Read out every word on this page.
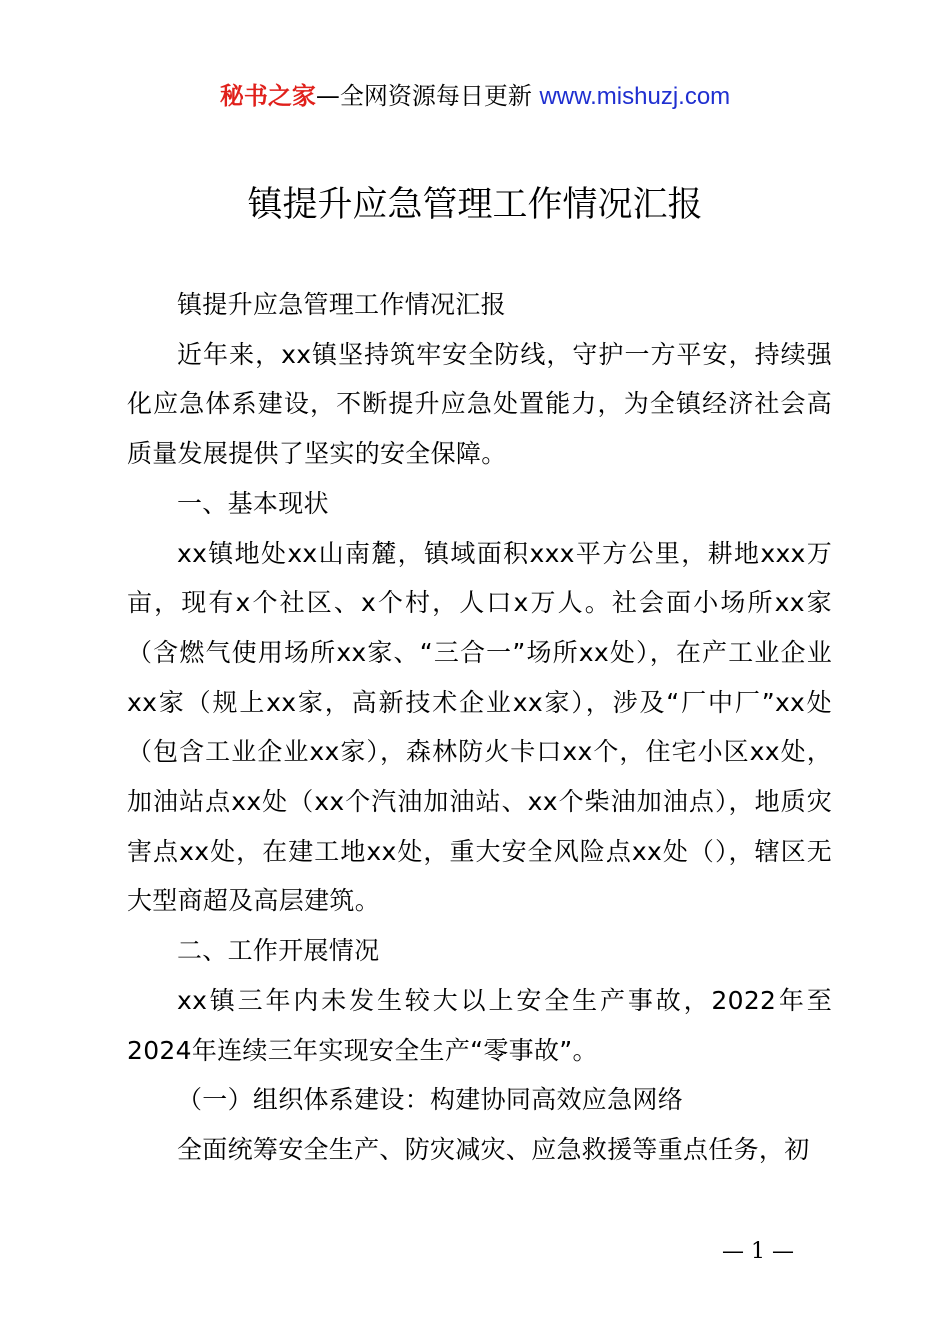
秘书之家—全网资源每日更新 www.mishuzj.com
镇提升应急管理工作情况汇报

镇提升应急管理工作情况汇报

近年来，xx镇坚持筑牢安全防线，守护一方平安，持续强化应急体系建设，不断提升应急处置能力，为全镇经济社会高质量发展提供了坚实的安全保障。

一、基本现状

xx镇地处xx山南麓，镇域面积xxx平方公里，耕地xxx万亩，现有x个社区、x个村，人口x万人。社会面小场所xx家（含燃气使用场所xx家、“三合一”场所xx处），在产工业企业xx家（规上xx家，高新技术企业xx家），涉及“厂中厂”xx处（包含工业企业xx家），森林防火卡口xx个，住宅小区xx处，加油站点xx处（xx个汽油加油站、xx个柴油加油点），地质灾害点xx处，在建工地xx处，重大安全风险点xx处（），辖区无大型商超及高层建筑。

二、工作开展情况

xx镇三年内未发生较大以上安全生产事故，2022年至2024年连续三年实现安全生产“零事故”。

（一）组织体系建设：构建协同高效应急网络

全面统筹安全生产、防灾减灾、应急救援等重点任务，初

— 1 —
